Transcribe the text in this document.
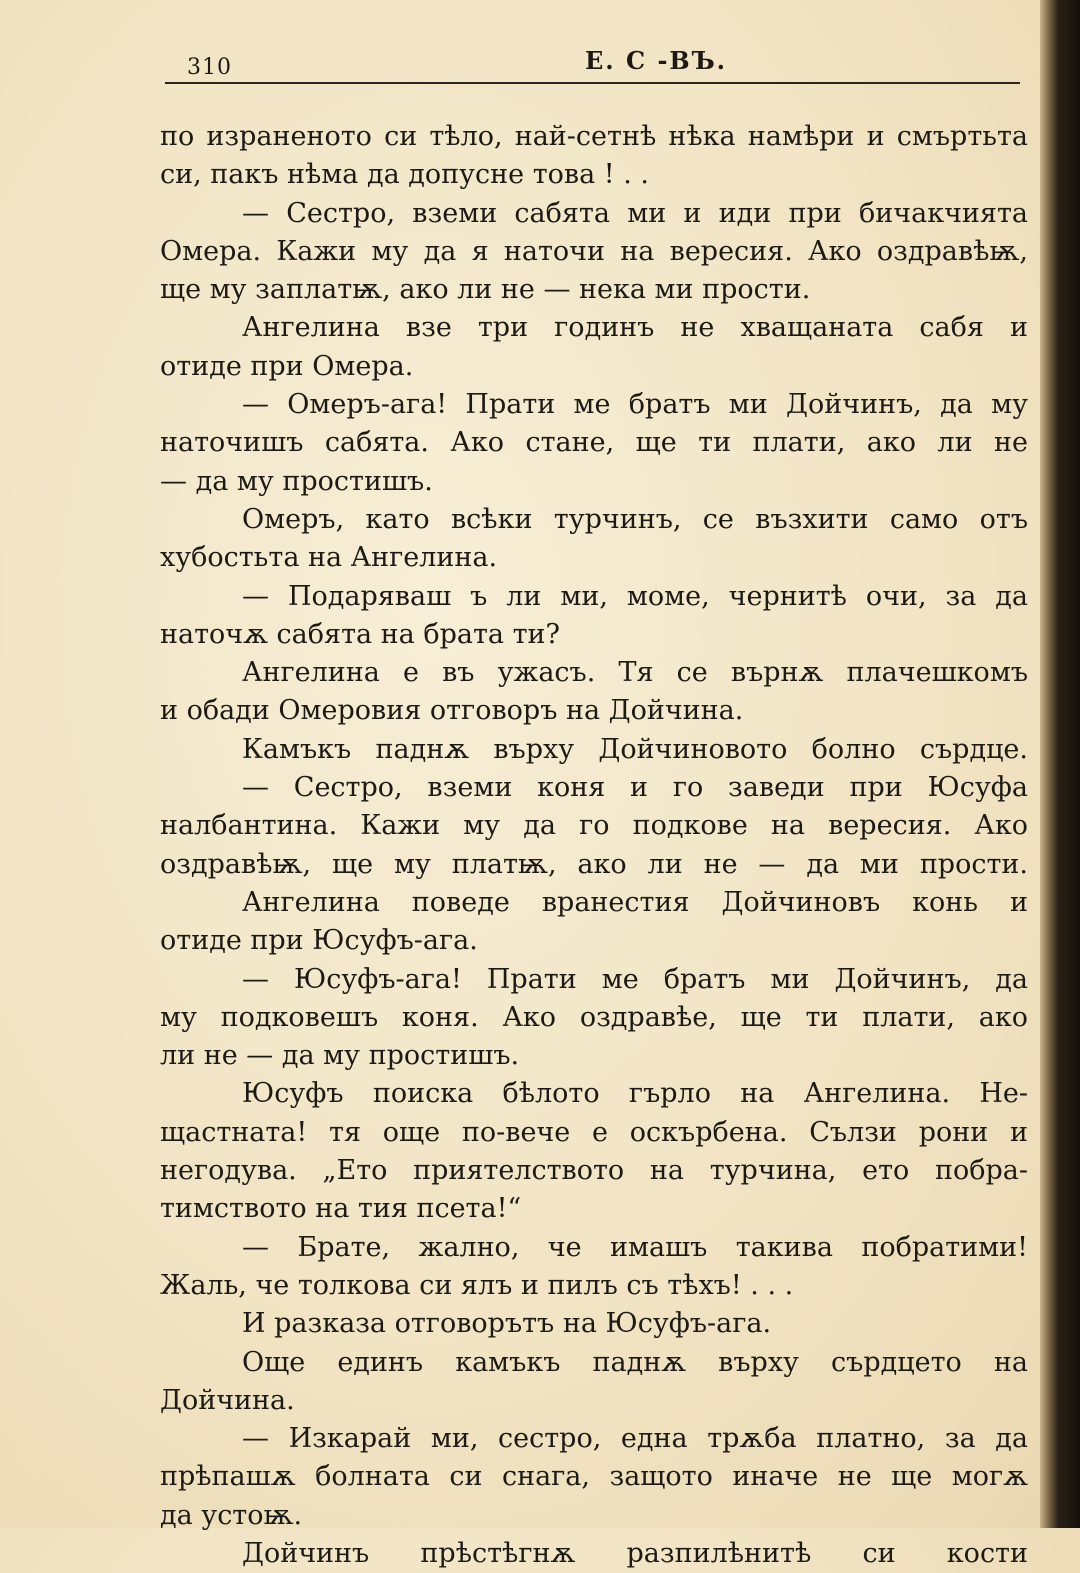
310	Е. С -ВЪ.
по израненото си тѣло, най-сетнѣ нѣка намѣри и смъртьта
си, пакъ нѣма да допусне това ! . .
— Сестро, вземи сабята ми и иди при бичакчията
Омера. Кажи му да я наточи на вересия. Ако оздравѣѭ,
ще му заплатѭ, ако ли не — нека ми прости.
Ангелина взе три годинъ не хващаната сабя и
отиде при Омера.
— Омеръ-ага! Прати ме братъ ми Дойчинъ, да му
наточишъ сабята. Ако стане, ще ти плати, ако ли не
— да му простишъ.
Омеръ, като всѣки турчинъ, се възхити само отъ
хубостьта на Ангелина.
— Подаряваш ъ ли ми, моме, чернитѣ очи, за да
наточѫ сабята на брата ти?
Ангелина е въ ужасъ. Тя се върнѫ плачешкомъ
и обади Омеровия отговоръ на Дойчина.
Камъкъ паднѫ върху Дойчиновото болно сърдце.
— Сестро, вземи коня и го заведи при Юсуфа
налбантина. Кажи му да го подкове на вересия. Ако
оздравѣѭ, ще му платѭ, ако ли не — да ми прости.
Ангелина поведе вранестия Дойчиновъ конь и
отиде при Юсуфъ-ага.
— Юсуфъ-ага! Прати ме братъ ми Дойчинъ, да
му подковешъ коня. Ако оздравѣе, ще ти плати, ако
ли не — да му простишъ.
Юсуфъ поиска бѣлото гърло на Ангелина. Не-
щастната! тя още по-вече е оскърбена. Сълзи рони и
негодува. „Ето приятелството на турчина, ето побра-
тимството на тия псета!“
— Брате, жално, че имашъ такива побратими!
Жаль, че толкова си ялъ и пилъ съ тѣхъ! . . .
И разказа отговорътъ на Юсуфъ-ага.
Още единъ камъкъ паднѫ върху сърдцето на
Дойчина.
— Изкарай ми, сестро, една трѫба платно, за да
прѣпашѫ болната си снага, защото иначе не ще могѫ
да устоѭ.
Дойчинъ прѣстѣгнѫ разпилѣнитѣ си кости
